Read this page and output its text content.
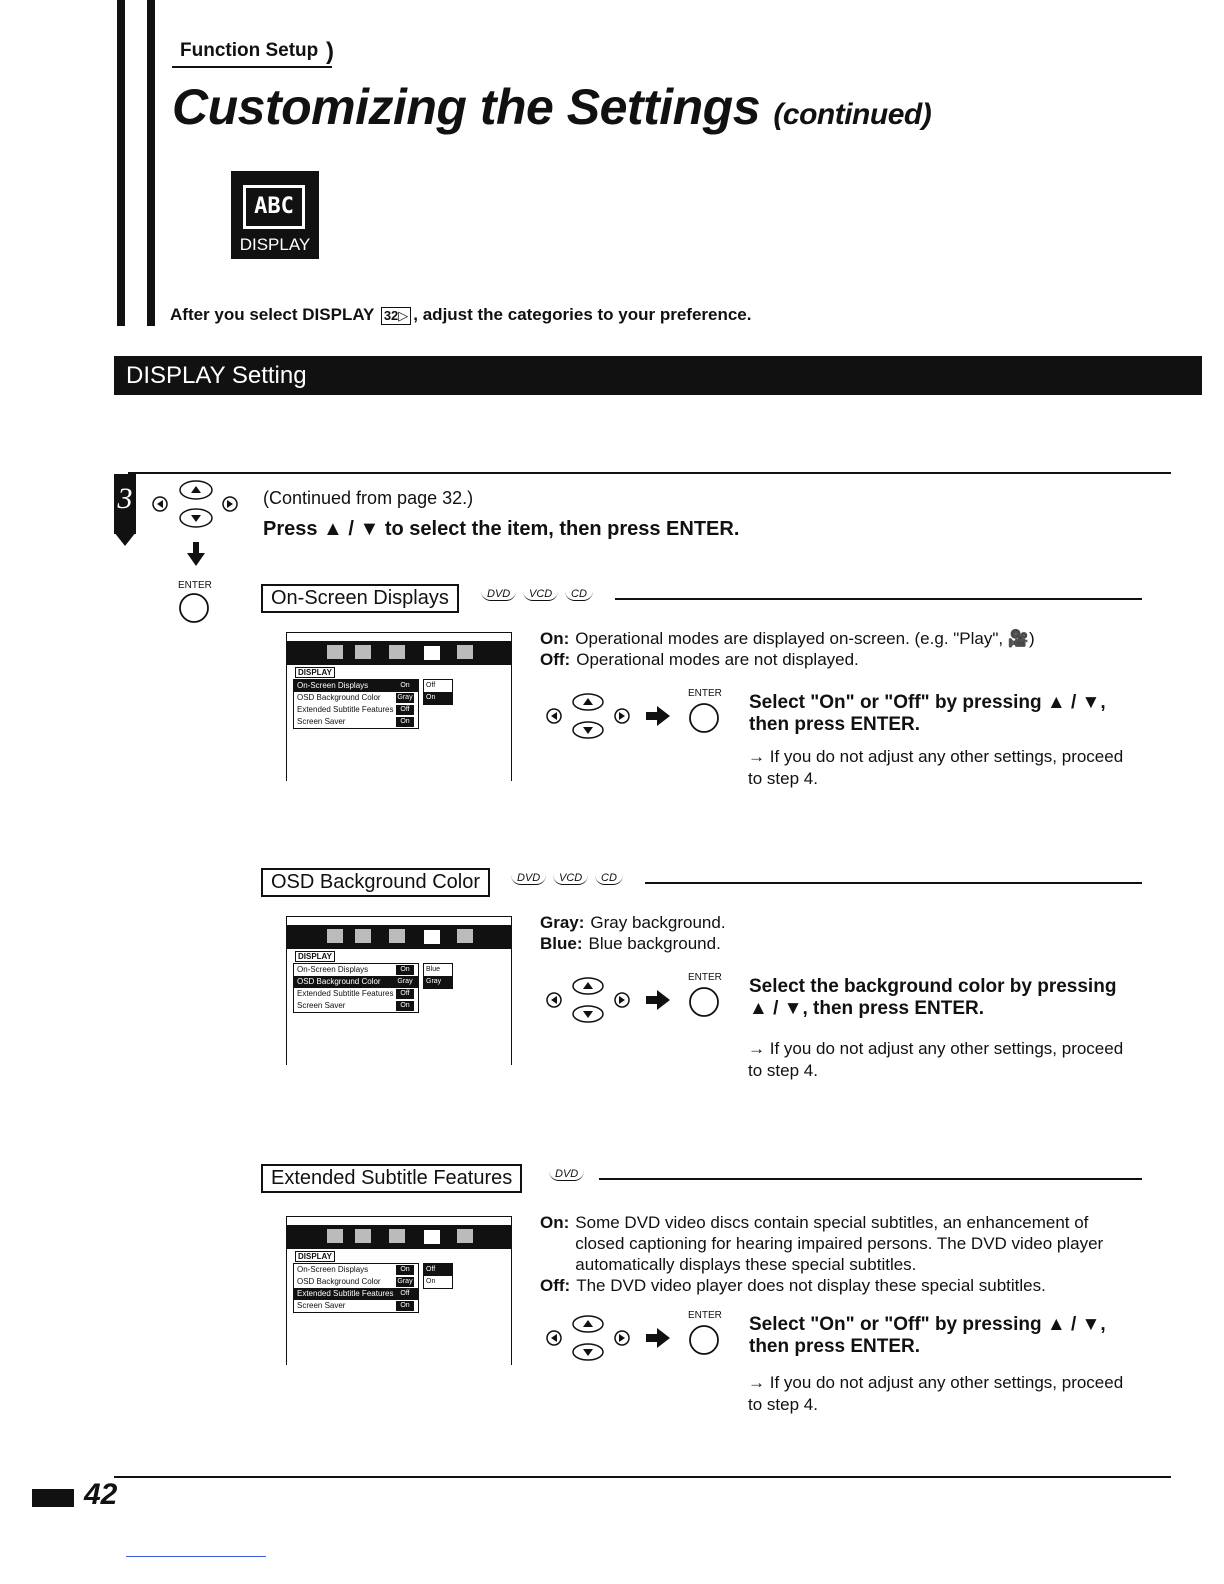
Function Setup )
Customizing the Settings (continued)
ABC
DISPLAY
After you select DISPLAY 32▷ , adjust the categories to your preference.
DISPLAY Setting
3
ENTER
(Continued from page 32.)
Press ▲ / ▼ to select the item, then press ENTER.
On-Screen Displays	DVD	VCD	CD
DISPLAY
On-Screen Displays	On
OSD Background Color Gray
Extended Subtitle Features Off
Screen Saver	On
Off
On
On: Operational modes are displayed on-screen. (e.g. "Play", 🎥)
Off: Operational modes are not displayed.
ENTER Select "On" or "Off" by pressing ▲ / ▼, then press ENTER.
→ If you do not adjust any other settings, proceed to step 4.
OSD Background Color	DVD	VCD	CD
DISPLAY
On-Screen Displays	On
OSD Background Color Gray
Extended Subtitle Features Off
Screen Saver	On
Blue
Gray
Gray: Gray background.
Blue: Blue background.
ENTER Select the background color by pressing ▲ / ▼, then press ENTER.
→ If you do not adjust any other settings, proceed to step 4.
Extended Subtitle Features	DVD
DISPLAY
On-Screen Displays	On
OSD Background Color Gray
Extended Subtitle Features Off
Screen Saver	On
Off
On
On: Some DVD video discs contain special subtitles, an enhancement of closed captioning for hearing impaired persons. The DVD video player automatically displays these special subtitles.
Off: The DVD video player does not display these special subtitles.
ENTER Select "On" or "Off" by pressing ▲ / ▼, then press ENTER.
→ If you do not adjust any other settings, proceed to step 4.
42
